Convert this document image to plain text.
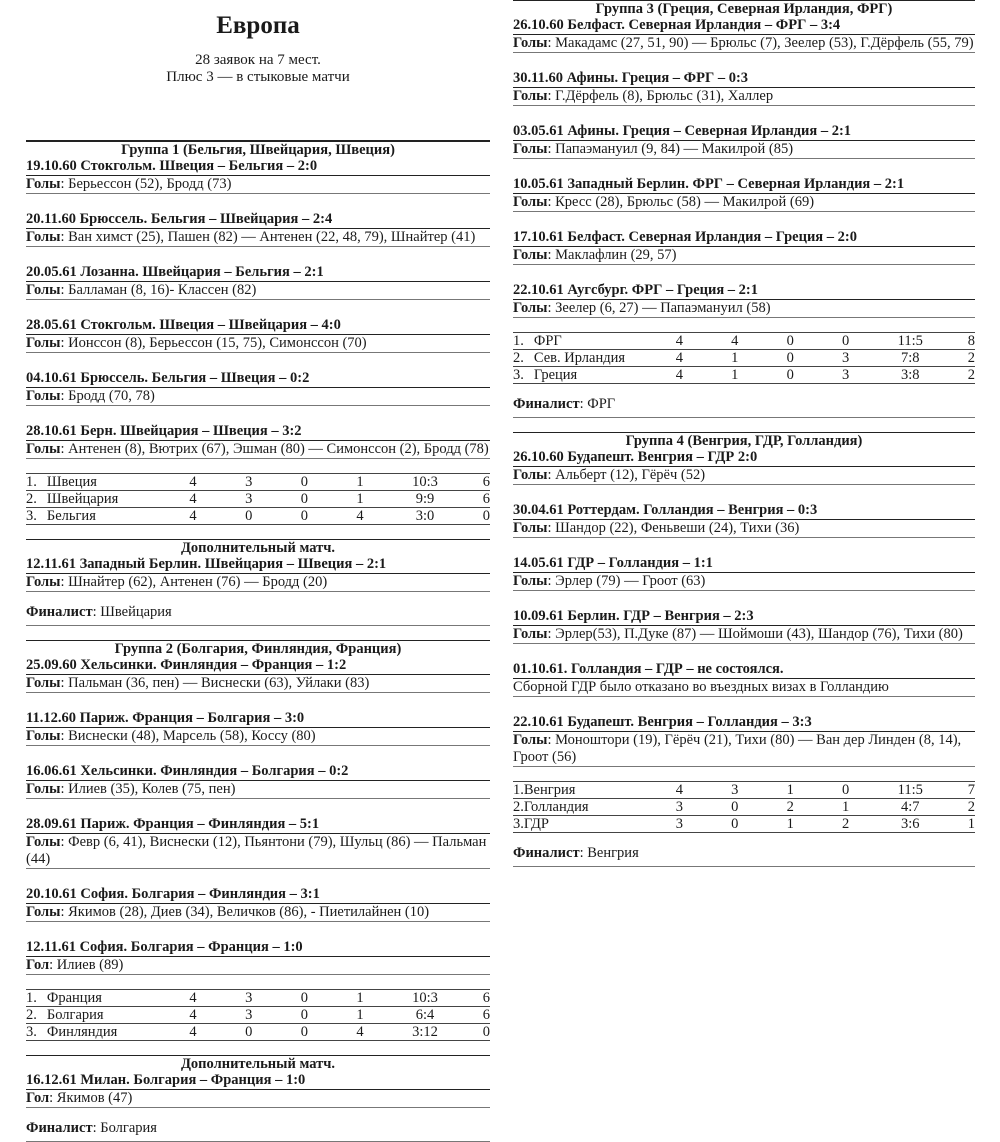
Европа
28 заявок на 7 мест.
Плюс 3 — в стыковые матчи
Группа 1 (Бельгия, Швейцария, Швеция)
19.10.60 Стокгольм. Швеция – Бельгия – 2:0
Голы: Берьессон (52), Бродд (73)
20.11.60 Брюссель. Бельгия – Швейцария – 2:4
Голы: Ван химст (25), Пашен (82) — Антенен (22, 48, 79), Шнайтер (41)
20.05.61 Лозанна. Швейцария – Бельгия – 2:1
Голы: Балламан (8, 16)- Классен (82)
28.05.61 Стокгольм. Швеция – Швейцария – 4:0
Голы: Ионссон (8), Берьессон (15, 75), Симонссон (70)
04.10.61 Брюссель. Бельгия – Швеция – 0:2
Голы: Бродд (70, 78)
28.10.61 Берн. Швейцария – Швеция – 3:2
Голы: Антенен (8), Вютрих (67), Эшман (80) — Симонссон (2), Бродд (78)
1. Швеция	4	3	0	1	10:3	6
2. Швейцария	4	3	0	1	9:9	6
3. Бельгия	4	0	0	4	3:0	0
Дополнительный матч.
12.11.61 Западный Берлин. Швейцария – Швеция – 2:1
Голы: Шнайтер (62), Антенен (76) — Бродд (20)
Финалист: Швейцария
Группа 2 (Болгария, Финляндия, Франция)
25.09.60 Хельсинки. Финляндия – Франция – 1:2
Голы: Пальман (36, пен) — Виснески (63), Уйлаки (83)
11.12.60 Париж. Франция – Болгария – 3:0
Голы: Виснески (48), Марсель (58), Коссу (80)
16.06.61 Хельсинки. Финляндия – Болгария – 0:2
Голы: Илиев (35), Колев (75, пен)
28.09.61 Париж. Франция – Финляндия – 5:1
Голы: Февр (6, 41), Виснески (12), Пьянтони (79), Шульц (86) — Пальман (44)
20.10.61 София. Болгария – Финляндия – 3:1
Голы: Якимов (28), Диев (34), Величков (86), - Пиетилайнен (10)
12.11.61 София. Болгария – Франция – 1:0
Гол: Илиев (89)
1. Франция	4	3	0	1	10:3	6
2. Болгария	4	3	0	1	6:4	6
3. Финляндия	4	0	0	4	3:12	0
Дополнительный матч.
16.12.61 Милан. Болгария – Франция – 1:0
Гол: Якимов (47)
Финалист: Болгария
Группа 3 (Греция, Северная Ирландия, ФРГ)
26.10.60 Белфаст. Северная Ирландия – ФРГ – 3:4
Голы: Макадамс (27, 51, 90) — Брюльс (7), Зеелер (53), Г.Дёрфель (55, 79)
30.11.60 Афины. Греция – ФРГ – 0:3
Голы: Г.Дёрфель (8), Брюльс (31), Халлер
03.05.61 Афины. Греция – Северная Ирландия – 2:1
Голы: Папаэмануил (9, 84) — Макилрой (85)
10.05.61 Западный Берлин. ФРГ – Северная Ирландия – 2:1
Голы: Кресс (28), Брюльс (58) — Макилрой (69)
17.10.61 Белфаст. Северная Ирландия – Греция – 2:0
Голы: Маклафлин (29, 57)
22.10.61 Аугсбург. ФРГ – Греция – 2:1
Голы: Зеелер (6, 27) — Папаэмануил (58)
1. ФРГ	4	4	0	0	11:5	8
2. Сев. Ирландия	4	1	0	3	7:8	2
3. Греция	4	1	0	3	3:8	2
Финалист: ФРГ
Группа 4 (Венгрия, ГДР, Голландия)
26.10.60 Будапешт. Венгрия – ГДР 2:0
Голы: Альберт (12), Гёрёч (52)
30.04.61 Роттердам. Голландия – Венгрия – 0:3
Голы: Шандор (22), Феньвеши (24), Тихи (36)
14.05.61 ГДР – Голландия – 1:1
Голы: Эрлер (79) — Гроот (63)
10.09.61 Берлин. ГДР – Венгрия – 2:3
Голы: Эрлер(53), П.Дуке (87) — Шоймоши (43), Шандор (76), Тихи (80)
01.10.61. Голландия – ГДР – не состоялся.
Сборной ГДР было отказано во въездных визах в Голландию
22.10.61 Будапешт. Венгрия – Голландия – 3:3
Голы: Моноштори (19), Гёрёч (21), Тихи (80) — Ван дер Линден (8, 14), Гроот (56)
1.Венгрия	4	3	1	0	11:5	7
2.Голландия	3	0	2	1	4:7	2
3.ГДР	3	0	1	2	3:6	1
Финалист: Венгрия
